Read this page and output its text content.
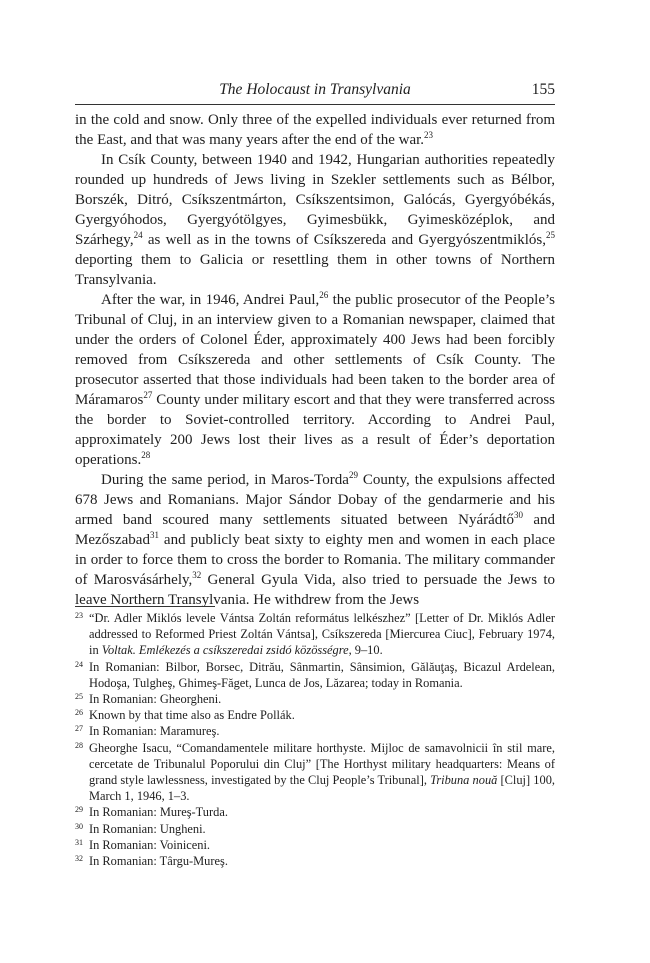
The Holocaust in Transylvania	155

in the cold and snow. Only three of the expelled individuals ever returned from the East, and that was many years after the end of the war.$^{23}$

In Csík County, between 1940 and 1942, Hungarian authorities repeatedly rounded up hundreds of Jews living in Szekler settlements such as Bélbor, Borszék, Ditró, Csíkszentmárton, Csíkszentsimon, Galócás, Gyergyóbékás, Gyergyóhodos, Gyergyótölgyes, Gyimesbükk, Gyimesközéplok, and Szárhegy,$^{24}$ as well as in the towns of Csíkszereda and Gyergyószentmiklós,$^{25}$ deporting them to Galicia or resettling them in other towns of Northern Transylvania.

After the war, in 1946, Andrei Paul,$^{26}$ the public prosecutor of the People’s Tribunal of Cluj, in an interview given to a Romanian newspaper, claimed that under the orders of Colonel Éder, approximately 400 Jews had been forcibly removed from Csíkszereda and other settlements of Csík County. The prosecutor asserted that those individuals had been taken to the border area of Máramaros$^{27}$ County under military escort and that they were transferred across the border to Soviet-controlled territory. According to Andrei Paul, approximately 200 Jews lost their lives as a result of Éder’s deportation operations.$^{28}$

During the same period, in Maros-Torda$^{29}$ County, the expulsions affected 678 Jews and Romanians. Major Sándor Dobay of the gendarmerie and his armed band scoured many settlements situated between Nyárádtő$^{30}$ and Mezőszabad$^{31}$ and publicly beat sixty to eighty men and women in each place in order to force them to cross the border to Romania. The military commander of Marosvásárhely,$^{32}$ General Gyula Vida, also tried to persuade the Jews to leave Northern Transylvania. He withdrew from the Jews

23 “Dr. Adler Miklós levele Vántsa Zoltán református lelkészhez” [Letter of Dr. Miklós Adler addressed to Reformed Priest Zoltán Vántsa], Csíkszereda [Miercurea Ciuc], February 1974, in Voltak. Emlékezés a csíkszeredai zsidó közösségre, 9–10.

24 In Romanian: Bilbor, Borsec, Ditrău, Sânmartin, Sânsimion, Gălăuţaş, Bicazul Ardelean, Hodoşa, Tulgheş, Ghimeş-Făget, Lunca de Jos, Lăzarea; today in Romania.

25 In Romanian: Gheorgheni.

26 Known by that time also as Endre Pollák.

27 In Romanian: Maramureş.

28 Gheorghe Isacu, “Comandamentele militare horthyste. Mijloc de samavolnicii în stil mare, cercetate de Tribunalul Poporului din Cluj” [The Horthyst military headquarters: Means of grand style lawlessness, investigated by the Cluj People’s Tribunal], Tribuna nouă [Cluj] 100, March 1, 1946, 1–3.

29 In Romanian: Mureş-Turda.

30 In Romanian: Ungheni.

31 In Romanian: Voiniceni.

32 In Romanian: Târgu-Mureş.
